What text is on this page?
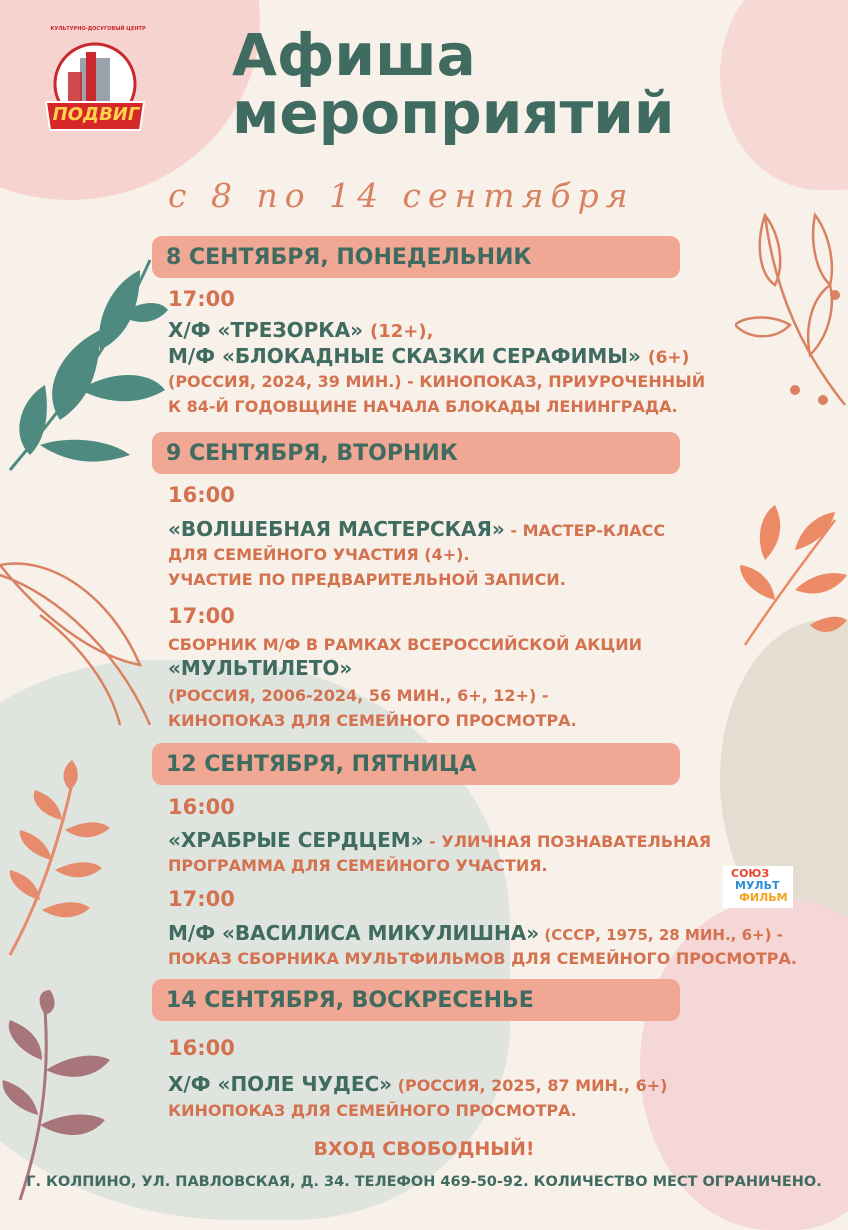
ПОДВИГ
КУЛЬТУРНО-ДОСУГОВЫЙ ЦЕНТР Афиша
мероприятий
с 8 по 14 сентября
8 СЕНТЯБРЯ, ПОНЕДЕЛЬНИК
17:00
Х/Ф «ТРЕЗОРКА» (12+),
М/Ф «БЛОКАДНЫЕ СКАЗКИ СЕРАФИМЫ» (6+)
(РОССИЯ, 2024, 39 МИН.) - КИНОПОКАЗ, ПРИУРОЧЕННЫЙ
К 84-Й ГОДОВЩИНЕ НАЧАЛА БЛОКАДЫ ЛЕНИНГРАДА.
9 СЕНТЯБРЯ, ВТОРНИК
16:00
«ВОЛШЕБНАЯ МАСТЕРСКАЯ» - МАСТЕР-КЛАСС
ДЛЯ СЕМЕЙНОГО УЧАСТИЯ (4+).
УЧАСТИЕ ПО ПРЕДВАРИТЕЛЬНОЙ ЗАПИСИ.
17:00
СБОРНИК М/Ф В РАМКАХ ВСЕРОССИЙСКОЙ АКЦИИ
«МУЛЬТИЛЕТО»
(РОССИЯ, 2006-2024, 56 МИН., 6+, 12+) -
КИНОПОКАЗ ДЛЯ СЕМЕЙНОГО ПРОСМОТРА.
12 СЕНТЯБРЯ, ПЯТНИЦА
16:00
«ХРАБРЫЕ СЕРДЦЕМ» - УЛИЧНАЯ ПОЗНАВАТЕЛЬНАЯ
ПРОГРАММА ДЛЯ СЕМЕЙНОГО УЧАСТИЯ.	СОЮЗ
МУЛЬТ
ФИЛЬМ
17:00
М/Ф «ВАСИЛИСА МИКУЛИШНА» (СССР, 1975, 28 МИН., 6+) -
ПОКАЗ СБОРНИКА МУЛЬТФИЛЬМОВ ДЛЯ СЕМЕЙНОГО ПРОСМОТРА.
14 СЕНТЯБРЯ, ВОСКРЕСЕНЬЕ
16:00
Х/Ф «ПОЛЕ ЧУДЕС» (РОССИЯ, 2025, 87 МИН., 6+)
КИНОПОКАЗ ДЛЯ СЕМЕЙНОГО ПРОСМОТРА.
ВХОД СВОБОДНЫЙ!
Г. КОЛПИНО, УЛ. ПАВЛОВСКАЯ, Д. 34. ТЕЛЕФОН 469-50-92. КОЛИЧЕСТВО МЕСТ ОГРАНИЧЕНО.
